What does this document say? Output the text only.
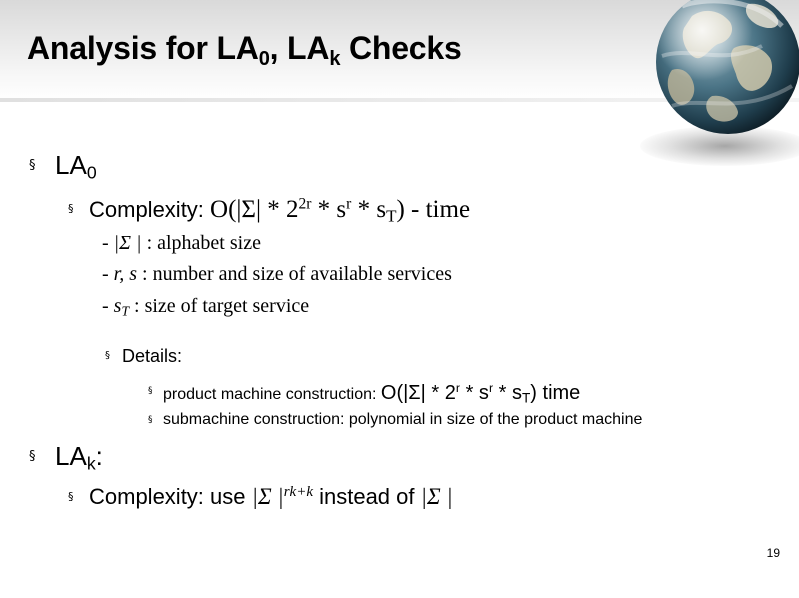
Analysis for $LA_0$, $LA_k$ Checks
§ $LA_0$
§ Complexity: $O(|\Sigma| * 2^{2r} * s^r * s_T)$ - time
- |Σ | : alphabet size
- r, s : number and size of available services
- $s_T$ : size of target service
§ Details:
§ product machine construction: $O(|\Sigma| * 2^r * s^r * s_T)$ time
§ submachine construction: polynomial in size of the product machine
§ $LA_k$:
§ Complexity: use |Σ $|^{rk+k}$ instead of |Σ |
19
